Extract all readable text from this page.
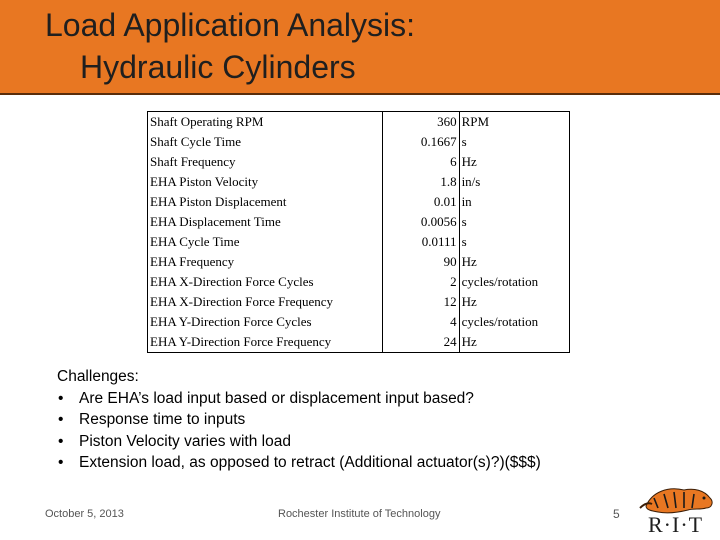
Load Application Analysis:
Hydraulic Cylinders
Shaft Operating RPM	360	RPM
Shaft Cycle Time	0.1667	s
Shaft Frequency	6	Hz
EHA Piston Velocity	1.8	in/s
EHA Piston Displacement	0.01	in
EHA Displacement Time	0.0056	s
EHA Cycle Time	0.0111	s
EHA Frequency	90	Hz
EHA X-Direction Force Cycles	2	cycles/rotation
EHA X-Direction Force Frequency	12	Hz
EHA Y-Direction Force Cycles	4	cycles/rotation
EHA Y-Direction Force Frequency	24	Hz
Challenges:
• Are EHA’s load input based or displacement input based?
• Response time to inputs
• Piston Velocity varies with load
• Extension load, as opposed to retract (Additional actuator(s)?)($$$)
October 5, 2013	Rochester Institute of Technology	5 R·I·T
